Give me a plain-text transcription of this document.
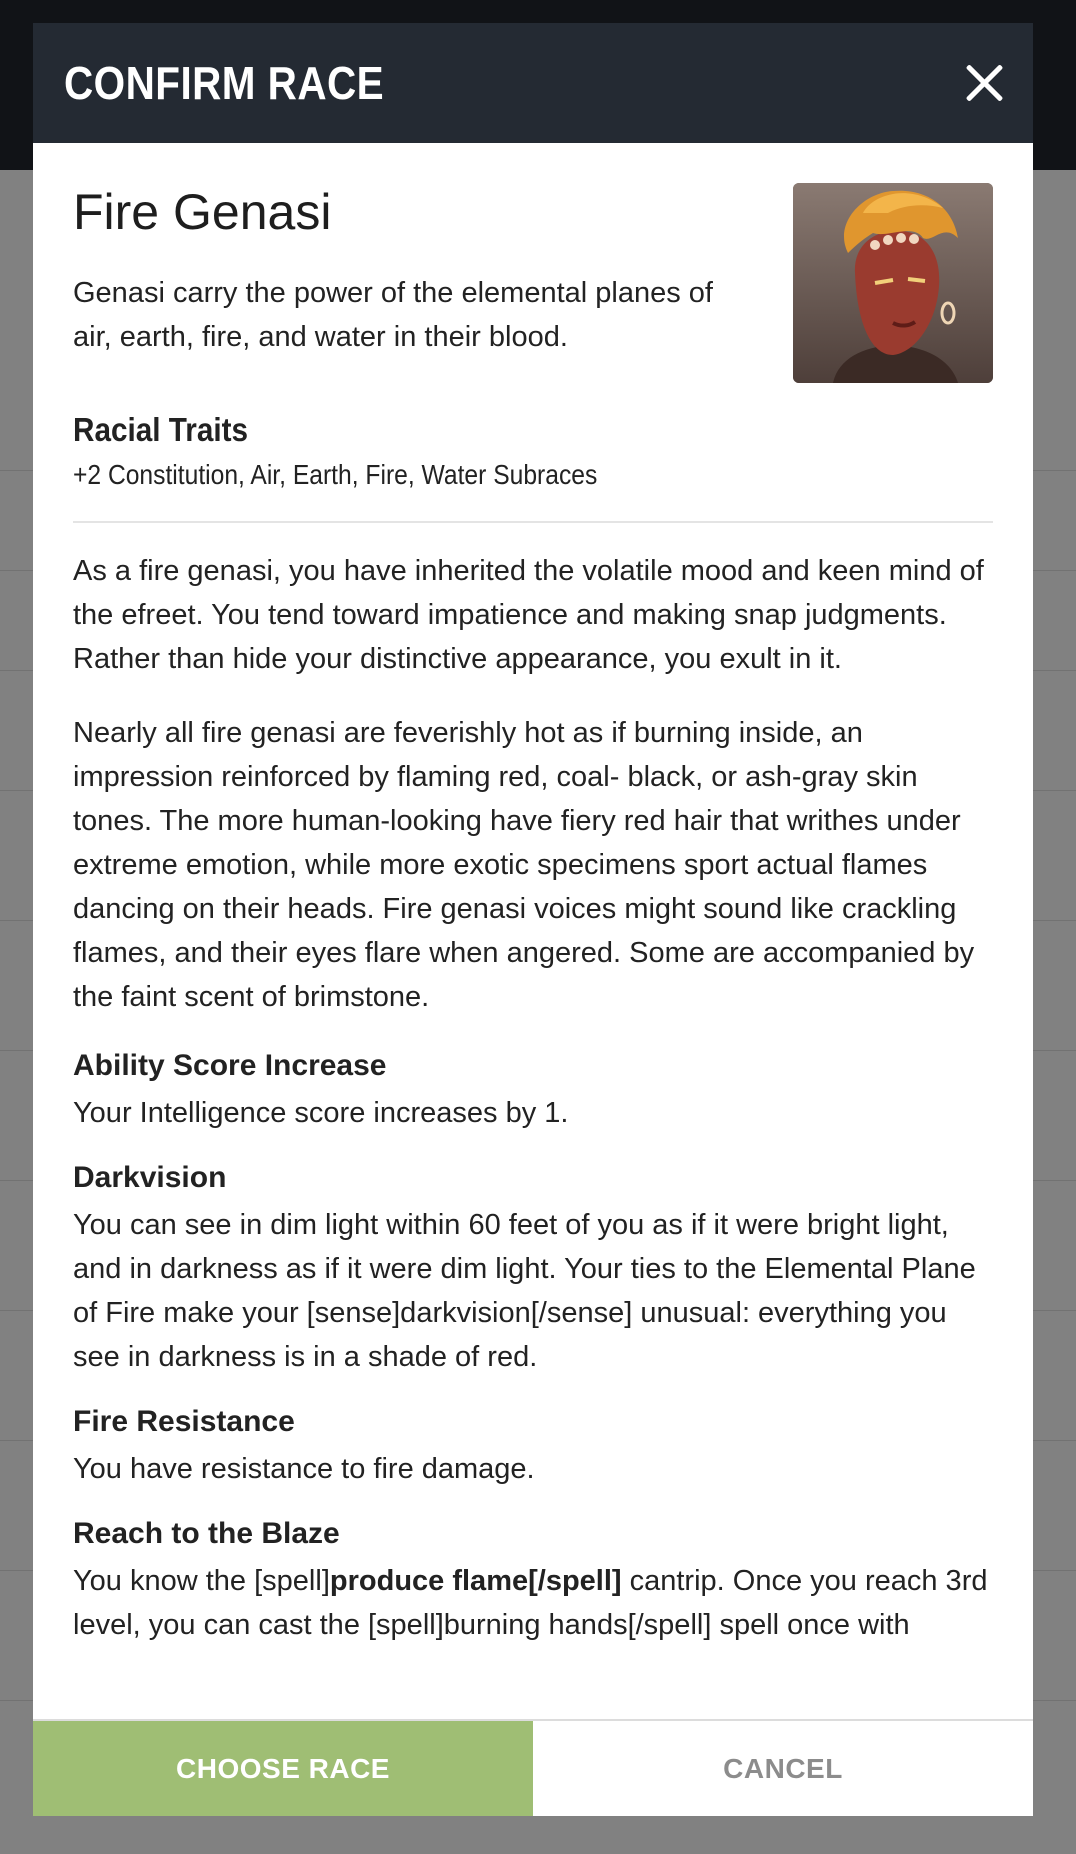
CONFIRM RACE
Fire Genasi

Genasi carry the power of the elemental planes of air, earth, fire, and water in their blood.

Racial Traits

+2 Constitution, Air, Earth, Fire, Water Subraces

As a fire genasi, you have inherited the volatile mood and keen mind of the efreet. You tend toward impatience and making snap judgments. Rather than hide your distinctive appearance, you exult in it.

Nearly all fire genasi are feverishly hot as if burning inside, an impression reinforced by flaming red, coal- black, or ash-gray skin tones. The more human-looking have fiery red hair that writhes under extreme emotion, while more exotic specimens sport actual flames dancing on their heads. Fire genasi voices might sound like crackling flames, and their eyes flare when angered. Some are accompanied by the faint scent of brimstone.

Ability Score Increase

Your Intelligence score increases by 1.

Darkvision

You can see in dim light within 60 feet of you as if it were bright light, and in darkness as if it were dim light. Your ties to the Elemental Plane of Fire make your [sense]darkvision[/sense] unusual: everything you see in darkness is in a shade of red.

Fire Resistance

You have resistance to fire damage.

Reach to the Blaze

You know the [spell]produce flame[/spell] cantrip. Once you reach 3rd level, you can cast the [spell]burning hands[/spell] spell once with

CHOOSE RACE	CANCEL
